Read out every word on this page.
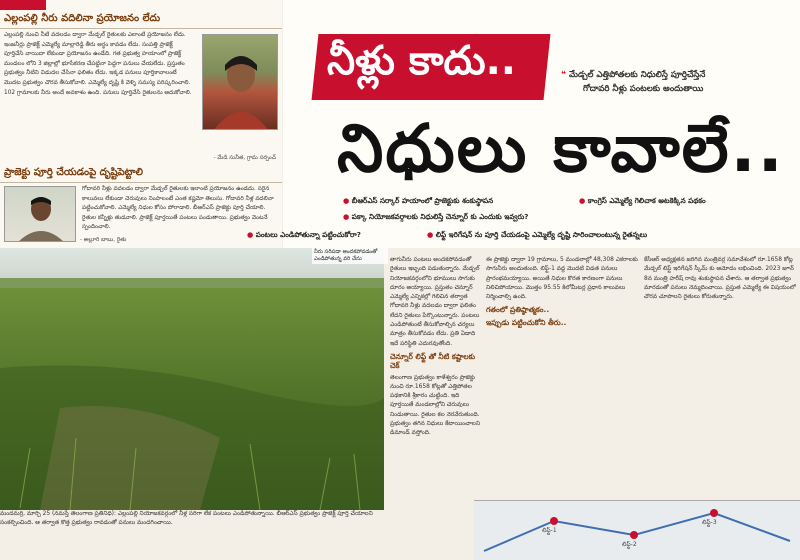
ఎల్లంపల్లి నీరు వదిలినా ప్రయోజనం లేదు
ఎల్లంపల్లి నుంచి నీటి వదలడం ద్వారా మేడ్చల్ రైతులకు ఎలాంటి ప్రయోజనం లేదు. ఇంజనీర్లు ప్రాజెక్ట్ ఎమ్మెల్యే మాల్లారెడ్డి తీరు అర్థం కావడం లేదు. సంపత్తి ప్రాజెక్ట్ పూర్తిచేసి వాయిదా లేకుండా ప్రయోజనం ఉండేది. గత ప్రభుత్వ హయాంలో ప్రాజెక్ట్ మండలం లోని 3 జిల్లాల్లో భూసేకరణ చేపట్టినా పెద్దగా పనులు చేయలేదు. ప్రస్తుతం ప్రభుత్వం నీటిని విడుదల చేసినా ఫలితం లేదు. ఇక్కడ పనులు పూర్తికావాలంటే మొదట ప్రభుత్వం చొరవ తీసుకోవాలి. ఎమ్మెల్యే దృష్టి కి వెళ్ళి సమస్య పరిష్కరించాలి. 102 గ్రామాలకు నీరు అందే అవకాశం ఉంది. పనులు పూర్తిచేసి రైతులను ఆదుకోవాలి.
- మేడి సునీత, గ్రామ సర్పంచ్
ప్రాజెక్టు పూర్తి చేయడంపై దృష్టిపెట్టాలి
గోదావరి నీళ్లు వదలడం ద్వారా మేడ్చల్ రైతులకు ఇలాంటి ప్రయోజనం ఉండదు. సరైన కాలువలు లేకుండా చెరువులు నింపాలంటే ఎంత కష్టమో తెలుసు. గోదావరి నీళ్ల వదలినా పట్టించుకోవాలి. ఎమ్మెల్యే నిధుల కోసం పోరాడాలి. బీఆర్ఎస్ ప్రాజెక్టు పూర్తి చేయాలి. రైతుల కన్నీళ్లు తుడవాలి. ప్రాజెక్ట్ పూర్తయితే పంటలు పండుతాయి. ప్రభుత్వం వెంటనే స్పందించాలి.
- అల్లూరి బాబు, రైతు
నీళ్లు కాదు..	❝ మేడ్చల్ ఎత్తిపోతలకు నిధులిస్తే పూర్తిచేస్తేనే
గోదావరి నీళ్లు పంటలకు అందుతాయి
నిధులు కావాలే..
● బీఆర్ఎస్ సర్కార్ హయాంలో ప్రాజెక్టుకు శంకుస్థాపన	● కాంగ్రెస్ ఎమ్మెల్యే గెలిచాక అటకెక్కిన పథకం
● పక్కా నియోజకవర్గాలకు నిధులిస్తే చెన్నూర్ కు ఎందుకు ఇవ్వరు?
● పంటలు ఎండిపోతున్నా పట్టించుకోరా?	● లిఫ్ట్ ఇరిగేషన్ ను పూర్తి చేయడంపై ఎమ్మెల్యే దృష్టి సారించాలంటున్న రైతన్నలు
నీరు సరిపడా అందకపోవడంతో ఎండిపోతున్న వరి చేను	తాగునీరు పంటలు అందకపోవడంతో రైతులు ఇబ్బంది పడుతున్నారు. మేడ్చల్ నియోజకవర్గంలోని భూములు సాగుకు దూరం అయ్యాయి. ప్రస్తుతం చెన్నూర్ ఎమ్మెల్యే ఎన్నికల్లో గెలిచిన తర్వాత గోదావరి నీళ్లు వదలడం ద్వారా ఫలితం లేదని రైతులు పేర్కొంటున్నారు. పంటలు ఎండిపోతుంటే తీసుకోవాల్సిన చర్యలు మాత్రం తీసుకోవడం లేదు. ప్రతి ఏడాది ఇదే పరిస్థితి ఎదురవుతోంది.
చెన్నూర్ లిఫ్ట్ తో నీటి కష్టాలకు చెక్
తెలంగాణ ప్రభుత్వం కాళేశ్వరం ప్రాజెక్టు నుంచి రూ.1658 కోట్లతో ఎత్తిపోతల పథకానికి శ్రీకారం చుట్టింది. ఇది పూర్తయితే మండలాల్లోని చెరువులు నిండుతాయి. రైతుల కల నెరవేరుతుంది. ప్రభుత్వం తగిన నిధులు కేటాయించాలని డిమాండ్ వస్తోంది.
ఈ ప్రాజెక్టు ద్వారా 19 గ్రామాలు, 5 మండలాల్లో 48,308 ఎకరాలకు సాగునీరు అందుతుంది. లిఫ్ట్-1 వద్ద మొదటి విడత పనులు ప్రారంభమయ్యాయి. అయితే నిధుల కొరత కారణంగా పనులు నిలిచిపోయాయి. మొత్తం 95.55 కిలోమీటర్ల ప్రధాన కాలువలు నిర్మించాల్సి ఉంది.
గతంలో ప్రతిష్ఠాత్మకం..
ఇప్పుడు పట్టించుకోని తీరు..
కేసీఆర్ అధ్యక్షతన జరిగిన మంత్రివర్గ సమావేశంలో రూ.1658 కోట్ల మేడ్చల్ లిఫ్ట్ ఇరిగేషన్ స్కీమ్ కు ఆమోదం లభించింది. 2023 జూన్ 8న మంత్రి హరీష్ రావు శంకుస్థాపన చేశారు. ఆ తర్వాత ప్రభుత్వం మారడంతో పనులు నెమ్మదించాయి. ప్రస్తుత ఎమ్మెల్యే ఈ విషయంలో చొరవ చూపాలని రైతులు కోరుతున్నారు.
మందమర్రి, మార్చి 25 (నమస్తే తెలంగాణ ప్రతినిధి): ఎల్లంపల్లి నియోజకవర్గంలో నీళ్ల సరిగా లేక పంటలు ఎండిపోతున్నాయి. బీఆర్ఎస్ ప్రభుత్వం ప్రాజెక్ట్ పూర్తి చేయాలని సంకల్పించింది. ఆ తర్వాత కొత్త ప్రభుత్వం రావడంతో పనులు మందగించాయి.
లిఫ్ట్-1
లిఫ్ట్-2
లిఫ్ట్-3
